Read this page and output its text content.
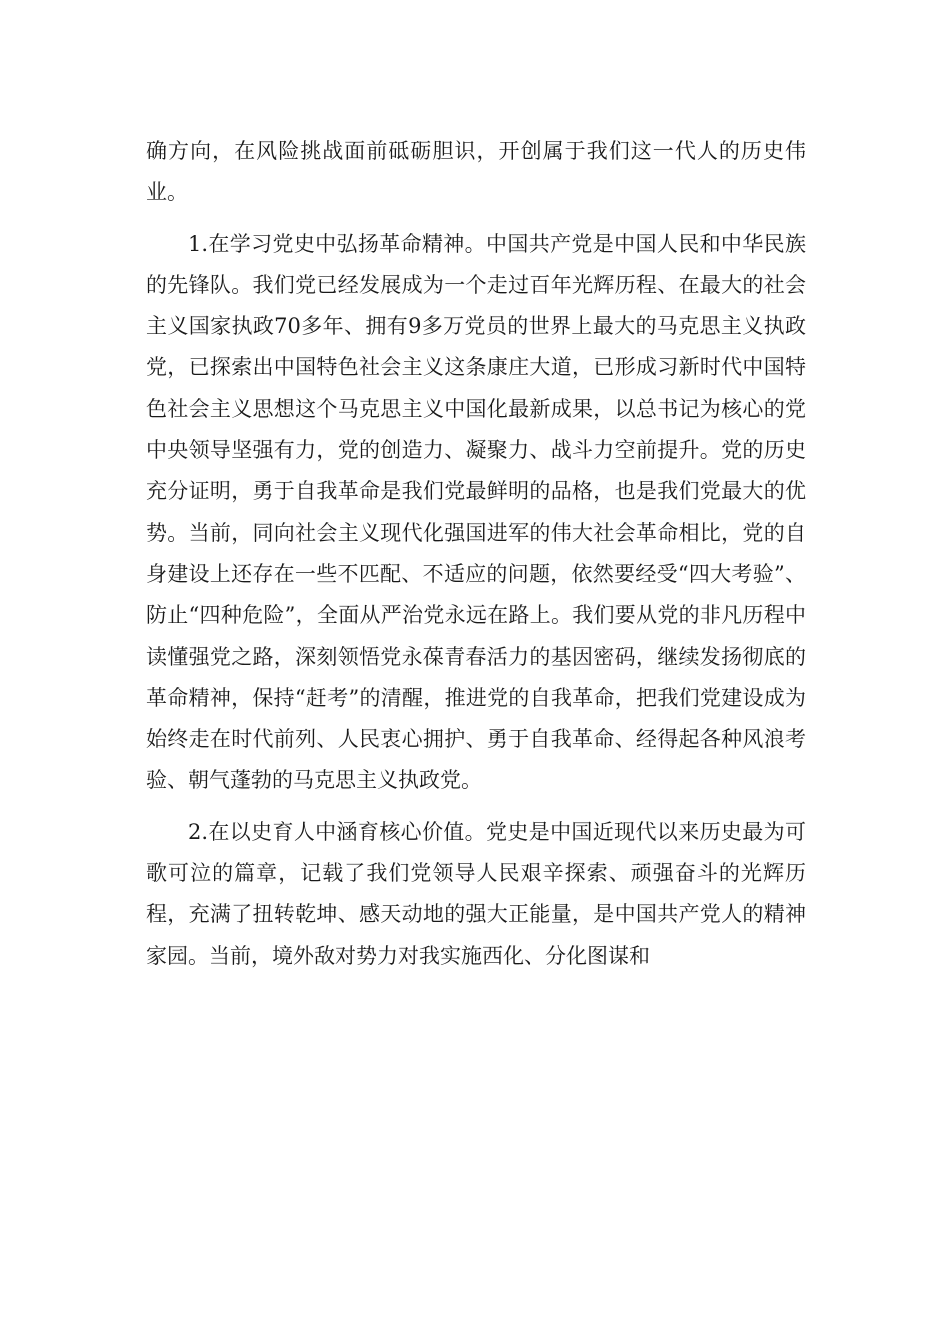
确方向，在风险挑战面前砥砺胆识，开创属于我们这一代人的历史伟业。

1.在学习党史中弘扬革命精神。中国共产党是中国人民和中华民族的先锋队。我们党已经发展成为一个走过百年光辉历程、在最大的社会主义国家执政70多年、拥有9多万党员的世界上最大的马克思主义执政党，已探索出中国特色社会主义这条康庄大道，已形成习新时代中国特色社会主义思想这个马克思主义中国化最新成果，以总书记为核心的党中央领导坚强有力，党的创造力、凝聚力、战斗力空前提升。党的历史充分证明，勇于自我革命是我们党最鲜明的品格，也是我们党最大的优势。当前，同向社会主义现代化强国进军的伟大社会革命相比，党的自身建设上还存在一些不匹配、不适应的问题，依然要经受“四大考验”、防止“四种危险”，全面从严治党永远在路上。我们要从党的非凡历程中读懂强党之路，深刻领悟党永葆青春活力的基因密码，继续发扬彻底的革命精神，保持“赶考”的清醒，推进党的自我革命，把我们党建设成为始终走在时代前列、人民衷心拥护、勇于自我革命、经得起各种风浪考验、朝气蓬勃的马克思主义执政党。

2.在以史育人中涵育核心价值。党史是中国近现代以来历史最为可歌可泣的篇章，记载了我们党领导人民艰辛探索、顽强奋斗的光辉历程，充满了扭转乾坤、感天动地的强大正能量，是中国共产党人的精神家园。当前，境外敌对势力对我实施西化、分化图谋和
